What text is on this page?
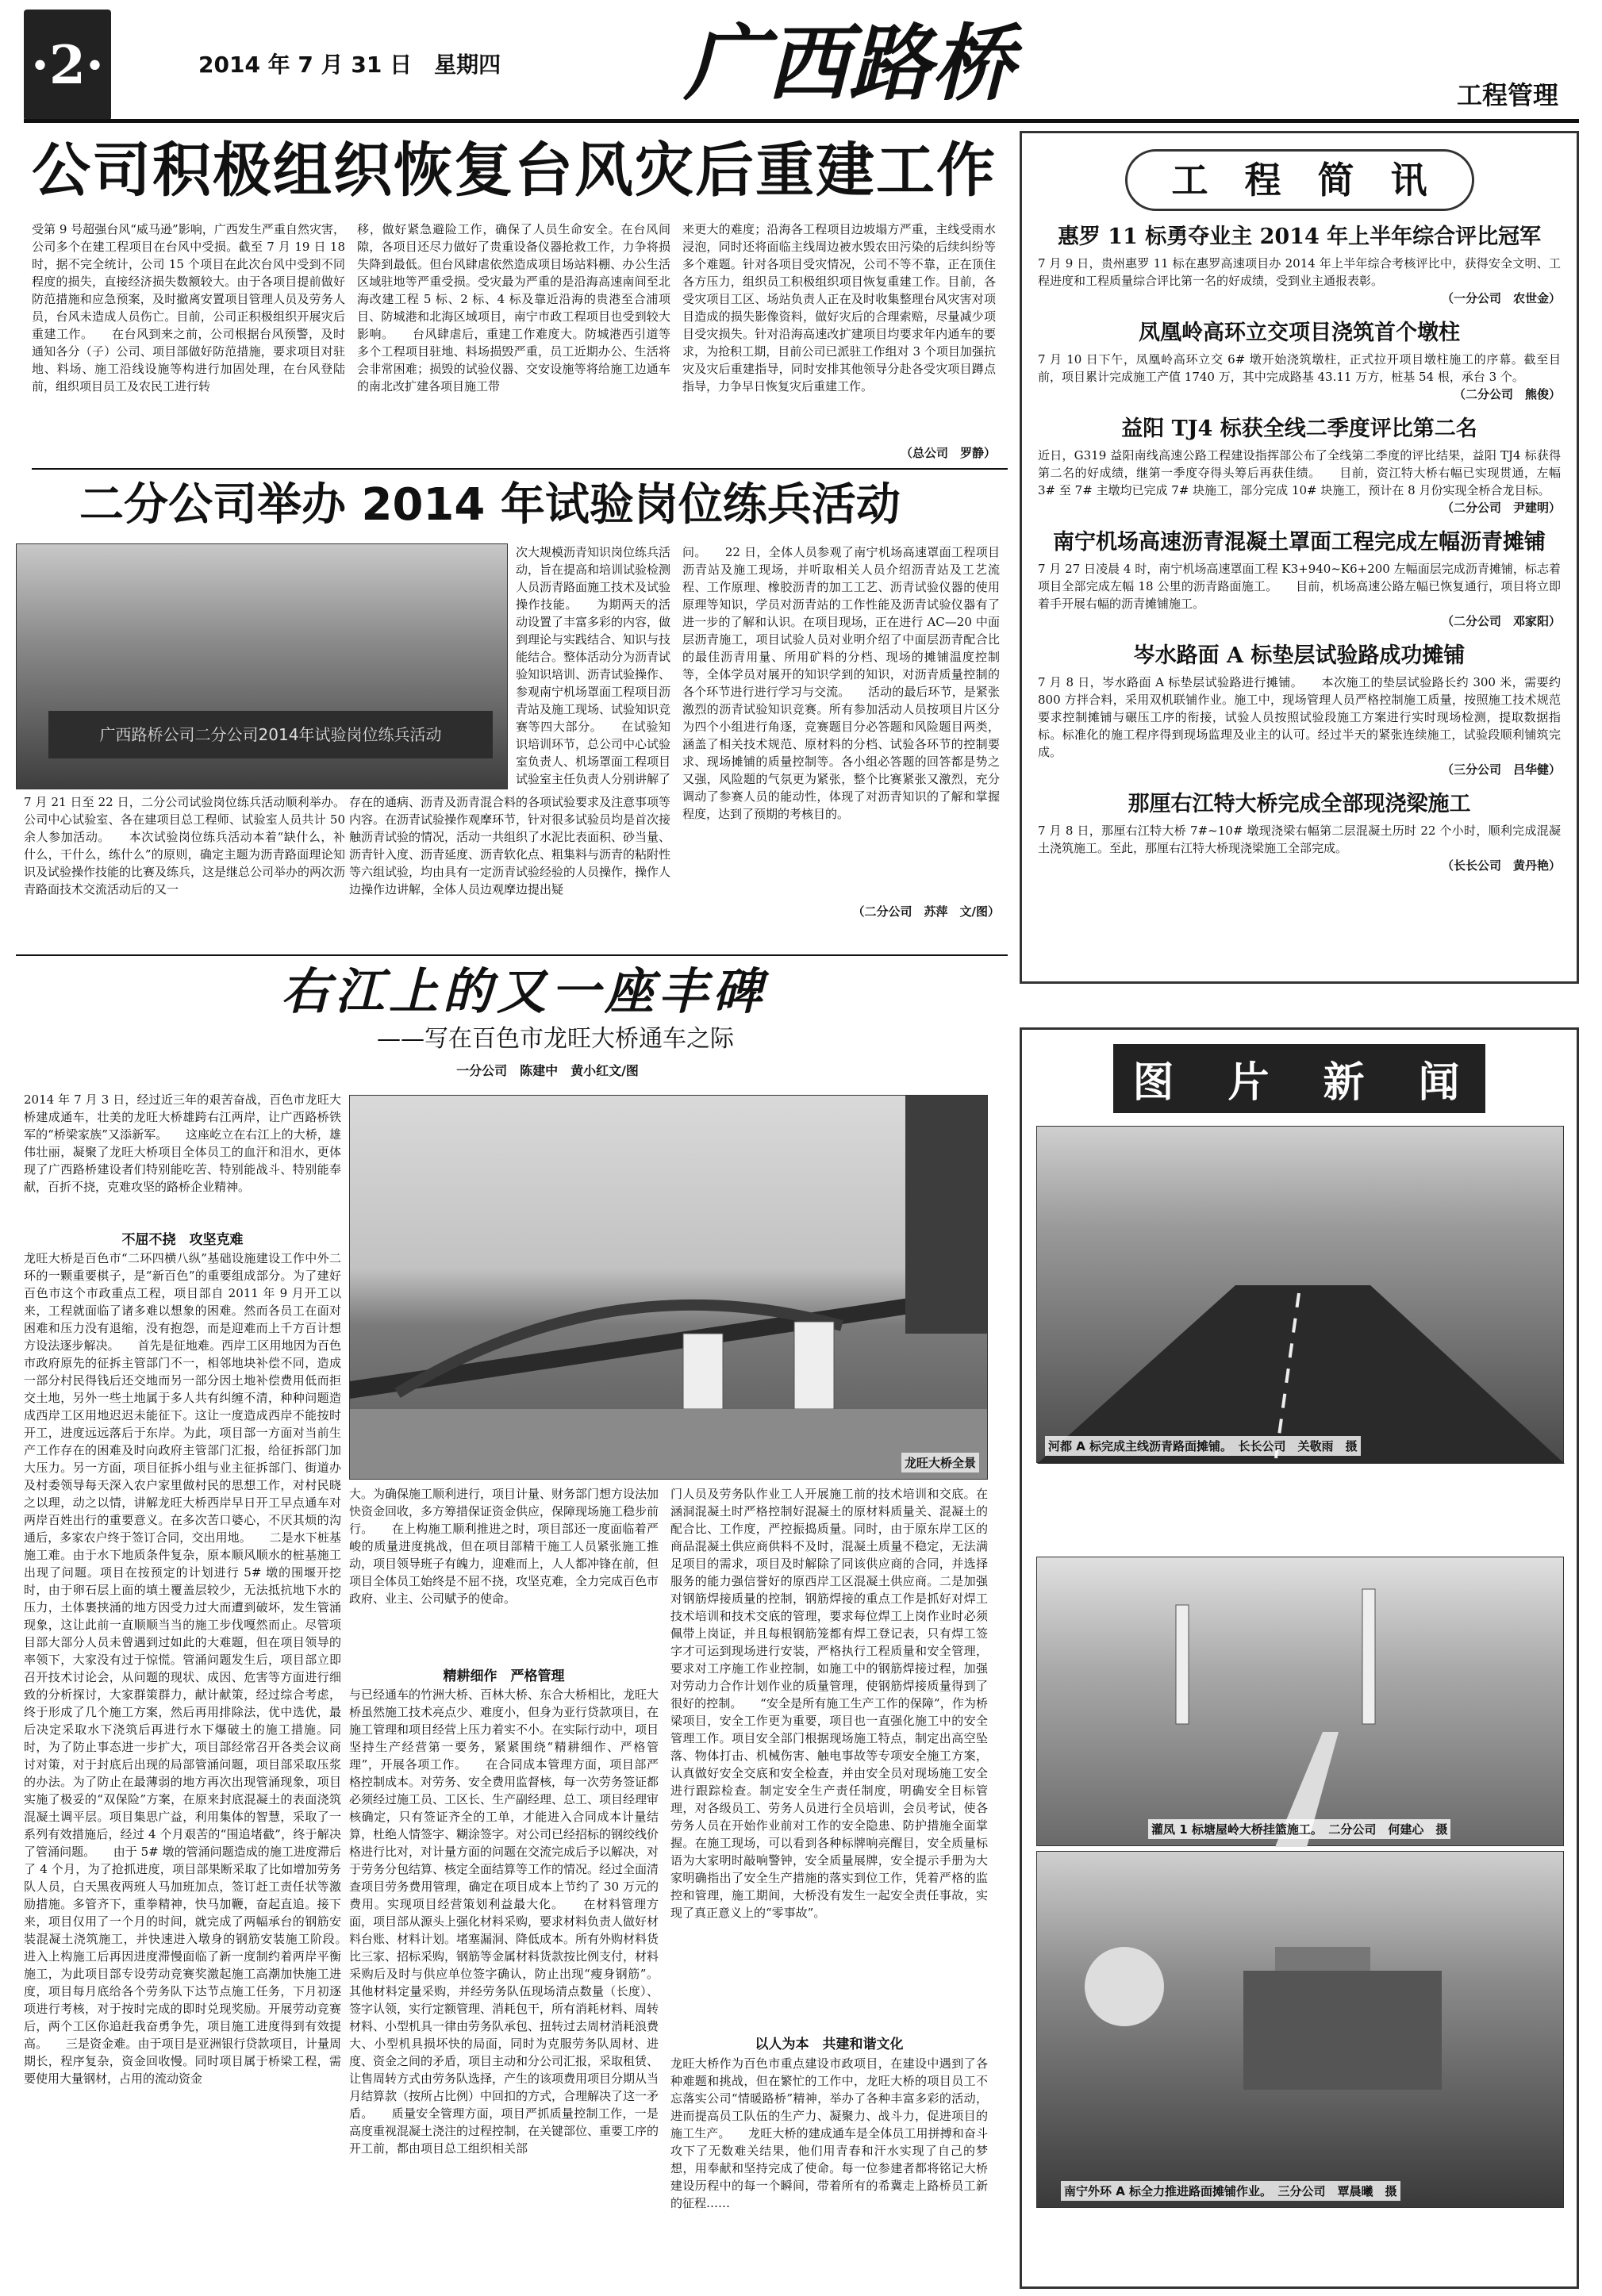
·2·	2014 年 7 月 31 日　星期四 广西路桥	工程管理
公司积极组织恢复台风灾后重建工作
受第 9 号超强台风“威马逊”影响，广西发生严重自然灾害，公司多个在建工程项目在台风中受损。截至 7 月 19 日 18 时，据不完全统计，公司 15 个项目在此次台风中受到不同程度的损失，直接经济损失数额较大。由于各项目提前做好防范措施和应急预案，及时撤离安置项目管理人员及劳务人员，台风未造成人员伤亡。目前，公司正积极组织开展灾后重建工作。　　在台风到来之前，公司根据台风预警，及时通知各分（子）公司、项目部做好防范措施，要求项目对驻地、料场、施工沿线设施等构进行加固处理，在台风登陆前，组织项目员工及农民工进行转
移，做好紧急避险工作，确保了人员生命安全。在台风间隙，各项目还尽力做好了贵重设备仪器抢救工作，力争将损失降到最低。但台风肆虐依然造成项目场站料棚、办公生活区域驻地等严重受损。受灾最为严重的是沿海高速南间至北海改建工程 5 标、2 标、4 标及靠近沿海的贵港至合浦项目、防城港和北海区域项目，南宁市政工程项目也受到较大影响。　　台风肆虐后，重建工作难度大。防城港西引道等多个工程项目驻地、料场损毁严重，员工近期办公、生活将会非常困难；损毁的试验仪器、交安设施等将给施工边通车的南北改扩建各项目施工带
来更大的难度；沿海各工程项目边坡塌方严重，主线受雨水浸泡，同时还将面临主线周边被水毁农田污染的后续纠纷等多个难题。针对各项目受灾情况，公司不等不靠，正在顶住各方压力，组织员工积极组织项目恢复重建工作。目前，各受灾项目工区、场站负责人正在及时收集整理台风灾害对项目造成的损失影像资料，做好灾后的合理索赔，尽量减少项目受灾损失。针对沿海高速改扩建项目均要求年内通车的要求，为抢积工期，目前公司已派驻工作组对 3 个项目加强抗灾及灾后重建指导，同时安排其他领导分赴各受灾项目蹲点指导，力争早日恢复灾后重建工作。
（总公司　罗静）
二分公司举办 2014 年试验岗位练兵活动
广西路桥公司二分公司2014年试验岗位练兵活动
7 月 21 日至 22 日，二分公司试验岗位练兵活动顺利举办。公司中心试验室、各在建项目总工程师、试验室人员共计 50 余人参加活动。　　本次试验岗位练兵活动本着“缺什么，补什么，干什么，练什么”的原则，确定主题为沥青路面理论知识及试验操作技能的比赛及练兵，这是继总公司举办的两次沥青路面技术交流活动后的又一
次大规模沥青知识岗位练兵活动，旨在提高和培训试验检测人员沥青路面施工技术及试验操作技能。　　为期两天的活动设置了丰富多彩的内容，做到理论与实践结合、知识与技能结合。整体活动分为沥青试验知识培训、沥青试验操作、参观南宁机场罩面工程项目沥青站及施工现场、试验知识竞赛等四大部分。　　在试验知识培训环节，总公司中心试验室负责人、机场罩面工程项目试验室主任负责人分别讲解了
存在的通病、沥青及沥青混合料的各项试验要求及注意事项等内容。在沥青试验操作观摩环节，针对很多试验员均是首次接触沥青试验的情况，活动一共组织了水泥比表面积、砂当量、沥青针入度、沥青延度、沥青软化点、粗集料与沥青的粘附性等六组试验，均由具有一定沥青试验经验的人员操作，操作人边操作边讲解，全体人员边观摩边提出疑
问。　　22 日，全体人员参观了南宁机场高速罩面工程项目沥青站及施工现场，并听取相关人员介绍沥青站及工艺流程、工作原理、橡胶沥青的加工工艺、沥青试验仪器的使用原理等知识，学员对沥青站的工作性能及沥青试验仪器有了进一步的了解和认识。在项目现场，正在进行 AC—20 中面层沥青施工，项目试验人员对业明介绍了中面层沥青配合比的最佳沥青用量、所用矿料的分档、现场的摊铺温度控制等，全体学员对展开的知识学到的知识，对沥青质量控制的各个环节进行进行学习与交流。　　活动的最后环节，是紧张激烈的沥青试验知识竞赛。所有参加活动人员按项目片区分为四个小组进行角逐，竞赛题目分必答题和风险题目两类，涵盖了相关技术规范、原材料的分档、试验各环节的控制要求、现场摊铺的质量控制等。各小组必答题的回答都是势之又强，风险题的气氛更为紧张，整个比赛紧张又激烈，充分调动了参赛人员的能动性，体现了对沥青知识的了解和掌握程度，达到了预期的考核目的。
（二分公司　苏萍　文/图）
右江上的又一座丰碑
——写在百色市龙旺大桥通车之际
一分公司　陈建中　黄小红文/图
2014 年 7 月 3 日，经过近三年的艰苦奋战，百色市龙旺大桥建成通车，壮美的龙旺大桥雄跨右江两岸，让广西路桥铁军的“桥梁家族”又添新军。　　这座屹立在右江上的大桥，雄伟壮丽，凝聚了龙旺大桥项目全体员工的血汗和泪水，更体现了广西路桥建设者们特别能吃苦、特别能战斗、特别能奉献，百折不挠，克难攻坚的路桥企业精神。
不屈不挠　攻坚克难
龙旺大桥是百色市“二环四横八纵”基础设施建设工作中外二环的一颗重要棋子，是“新百色”的重要组成部分。为了建好百色市这个市政重点工程，项目部自 2011 年 9 月开工以来，工程就面临了诸多难以想象的困难。然而各员工在面对困难和压力没有退缩，没有抱怨，而是迎难而上千方百计想方设法逐步解决。　　首先是征地难。西岸工区用地因为百色市政府原先的征拆主管部门不一，相邻地块补偿不同，造成一部分村民得钱后还交地而另一部分因土地补偿费用低而拒交土地，另外一些土地属于多人共有纠缠不清，种种问题造成西岸工区用地迟迟未能征下。这让一度造成西岸不能按时开工，进度远远落后于东岸。为此，项目部一方面对当前生产工作存在的困难及时向政府主管部门汇报，给征拆部门加大压力。另一方面，项目征拆小组与业主征拆部门、街道办及村委领导每天深入农户家里做村民的思想工作，对村民晓之以理，动之以情，讲解龙旺大桥西岸早日开工早点通车对两岸百姓出行的重要意义。在多次苦口婆心，不厌其烦的沟通后，多家农户终于签订合同，交出用地。　　二是水下桩基施工难。由于水下地质条件复杂，原本顺风顺水的桩基施工出现了问题。项目在按预定的计划进行 5# 墩的围堰开挖时，由于卵石层上面的填土覆盖层较少，无法抵抗地下水的压力，土体裹挟涌的地方因受力过大而遭到破坏，发生管涌现象，这让此前一直顺顺当当的施工步伐嘎然而止。尽管项目部大部分人员未曾遇到过如此的大难题，但在项目领导的率领下，大家没有过于惊慌。管涌问题发生后，项目部立即召开技术讨论会，从问题的现状、成因、危害等方面进行细致的分析探讨，大家群策群力，献计献策，经过综合考虑，终于形成了几个施工方案，然后再用排除法，优中选优，最后决定采取水下浇筑后再进行水下爆破土的施工措施。同时，为了防止事态进一步扩大，项目部经常召开各类会议商讨对策，对于封底后出现的局部管涌问题，项目部采取压浆的办法。为了防止在最薄弱的地方再次出现管涌现象，项目实施了极妥的“双保险”方案，在原来封底混凝土的表面浇筑混凝土调平层。项目集思广益，利用集体的智慧，采取了一系列有效措施后，经过 4 个月艰苦的“围追堵截”，终于解决了管涌问题。　　由于 5# 墩的管涌问题造成的施工进度滞后了 4 个月，为了抢抓进度，项目部果断采取了比如增加劳务队人员，白天黑夜两班人马加班加点，签订赶工责任状等激励措施。多管齐下，重拳精神，快马加鞭，奋起直追。接下来，项目仅用了一个月的时间，就完成了两幅承台的钢筋安装混凝土浇筑施工，并快速进入墩身的钢筋安装施工阶段。　　进入上构施工后再因进度滞慢面临了新一度制约着两岸平衡施工，为此项目部专设劳动竞赛奖激起施工高潮加快施工进度，项目每月底给各个劳务队下达节点施工任务，下月初逐项进行考核，对于按时完成的即时兑现奖励。开展劳动竞赛后，两个工区你追赶我奋勇争先，项目施工进度得到有效提高。　　三是资金难。由于项目是亚洲银行贷款项目，计量周期长，程序复杂，资金回收慢。同时项目属于桥梁工程，需要使用大量钢材，占用的流动资金
龙旺大桥全景
大。为确保施工顺利进行，项目计量、财务部门想方设法加快资金回收，多方筹措保证资金供应，保障现场施工稳步前行。　　在上构施工顺利推进之时，项目部还一度面临着严峻的质量进度挑战，但在项目部精干施工人员紧张施工推动，项目领导班子有魄力，迎难而上，人人都冲锋在前，但项目全体员工始终是不屈不挠，攻坚克难，全力完成百色市政府、业主、公司赋予的使命。
精耕细作　严格管理
与已经通车的竹洲大桥、百林大桥、东合大桥相比，龙旺大桥虽然施工技术亮点少、难度小，但身为亚行贷款项目，在施工管理和项目经营上压力着实不小。在实际行动中，项目坚持生产经营第一要务，紧紧围绕“精耕细作、严格管理”，开展各项工作。　　在合同成本管理方面，项目部严格控制成本。对劳务、安全费用监督核，每一次劳务签证都必须经过施工员、工区长、生产副经理、总工、项目经理审核确定，只有签证齐全的工单，才能进入合同成本计量结算，杜绝人情签字、糊涂签字。对公司已经招标的钢绞线价格进行比对，对计量方面的问题在交流完成后予以解决，对于劳务分包结算、核定全面结算等工作的情况。经过全面清查项目劳务费用管理，确定在项目成本上节约了 30 万元的费用。实现项目经营策划利益最大化。　　在材料管理方面，项目部从源头上强化材料采购，要求材料负责人做好材料台账、材料计划。堵塞漏洞、降低成本。所有外购材料货比三家、招标采购，钢筋等金属材料货款按比例支付，材料采购后及时与供应单位签字确认，防止出现“瘦身钢筋”。其他材料定量采购，并经劳务队伍现场清点数量（长度）、签字认领，实行定额管理、消耗包干，所有消耗材料、周转材料、小型机具一律由劳务队承包、扭转过去周材消耗浪费大、小型机具损坏快的局面，同时为克服劳务队周材、进度、资金之间的矛盾，项目主动和分公司汇报，采取租赁、让售周转方式由劳务队选择，产生的该项费用项目分期从当月结算款（按所占比例）中回扣的方式，合理解决了这一矛盾。　　质量安全管理方面，项目严抓质量控制工作，一是高度重视混凝土浇注的过程控制，在关键部位、重要工序的开工前，都由项目总工组织相关部
门人员及劳务队作业工人开展施工前的技术培训和交底。在涵洞混凝土时严格控制好混凝土的原材料质量关、混凝土的配合比、工作度，严控振捣质量。同时，由于原东岸工区的商品混凝土供应商供料不及时，混凝土质量不稳定，无法满足项目的需求，项目及时解除了同该供应商的合同，并选择服务的能力强信誉好的原西岸工区混凝土供应商。二是加强对钢筋焊接质量的控制，钢筋焊接的重点工作是抓好对焊工技术培训和技术交底的管理，要求每位焊工上岗作业时必须佩带上岗证，并且每根钢筋笼都有焊工登记表，只有焊工签字才可运到现场进行安装，严格执行工程质量和安全管理，要求对工序施工作业控制，如施工中的钢筋焊接过程，加强对劳动力合作计划作业的质量管理，使钢筋焊接质量得到了很好的控制。　　“安全是所有施工生产工作的保障”，作为桥梁项目，安全工作更为重要，项目也一直强化施工中的安全管理工作。项目安全部门根据现场施工特点，制定出高空坠落、物体打击、机械伤害、触电事故等专项安全施工方案，认真做好安全交底和安全检查，并由安全员对现场施工安全进行跟踪检查。制定安全生产责任制度，明确安全目标管理，对各级员工、劳务人员进行全员培训，会员考试，使各劳务人员在开始作业前对工作的安全隐患、防护措施全面掌握。在施工现场，可以看到各种标牌响亮醒目，安全质量标语为大家明时敲响警钟，安全质量展牌，安全提示手册为大家明确指出了安全生产措施的落实到位工作，凭着严格的监控和管理，施工期间，大桥没有发生一起安全责任事故，实现了真正意义上的“零事故”。
以人为本　共建和谐文化
龙旺大桥作为百色市重点建设市政项目，在建设中遇到了各种难题和挑战，但在繁忙的工作中，龙旺大桥的项目员工不忘落实公司“情暖路桥”精神，举办了各种丰富多彩的活动，进而提高员工队伍的生产力、凝聚力、战斗力，促进项目的施工生产。　　龙旺大桥的建成通车是全体员工用拼搏和奋斗攻下了无数难关结果，他们用青春和汗水实现了自己的梦想，用奉献和坚持完成了使命。每一位参建者都将铭记大桥建设历程中的每一个瞬间，带着所有的希冀走上路桥员工新的征程……
工　程　简　讯
惠罗 11 标勇夺业主 2014 年上半年综合评比冠军
7 月 9 日，贵州惠罗 11 标在惠罗高速项目办 2014 年上半年综合考核评比中，获得安全文明、工程进度和工程质量综合评比第一名的好成绩，受到业主通报表彰。
（一分公司　农世金）
凤凰岭高环立交项目浇筑首个墩柱
7 月 10 日下午，凤凰岭高环立交 6# 墩开始浇筑墩柱，正式拉开项目墩柱施工的序幕。截至目前，项目累计完成施工产值 1740 万，其中完成路基 43.11 万方，桩基 54 根，承台 3 个。
（二分公司　熊俊）
益阳 TJ4 标获全线二季度评比第二名
近日，G319 益阳南线高速公路工程建设指挥部公布了全线第二季度的评比结果，益阳 TJ4 标获得第二名的好成绩，继第一季度夺得头筹后再获佳绩。　　目前，资江特大桥右幅已实现贯通，左幅 3# 至 7# 主墩均已完成 7# 块施工，部分完成 10# 块施工，预计在 8 月份实现全桥合龙目标。
（二分公司　尹建明）
南宁机场高速沥青混凝土罩面工程完成左幅沥青摊铺
7 月 27 日凌晨 4 时，南宁机场高速罩面工程 K3+940~K6+200 左幅面层完成沥青摊铺，标志着项目全部完成左幅 18 公里的沥青路面施工。　　目前，机场高速公路左幅已恢复通行，项目将立即着手开展右幅的沥青摊铺施工。
（二分公司　邓家阳）
岑水路面 A 标垫层试验路成功摊铺
7 月 8 日，岑水路面 A 标垫层试验路进行摊铺。　　本次施工的垫层试验路长约 300 米，需要约 800 方拌合料，采用双机联铺作业。施工中，现场管理人员严格控制施工质量，按照施工技术规范要求控制摊铺与碾压工序的衔接，试验人员按照试验段施工方案进行实时现场检测，提取数据指标。标准化的施工程序得到现场监理及业主的认可。经过半天的紧张连续施工，试验段顺利铺筑完成。
（三分公司　吕华健）
那厘右江特大桥完成全部现浇梁施工
7 月 8 日，那厘右江特大桥 7#~10# 墩现浇梁右幅第二层混凝土历时 22 个小时，顺利完成混凝土浇筑施工。至此，那厘右江特大桥现浇梁施工全部完成。
（长长公司　黄丹艳）
图　片　新　闻
河都 A 标完成主线沥青路面摊铺。　长长公司　关敬雨　摄
灌凤 1 标塘屋岭大桥挂篮施工。　二分公司　何建心　摄
南宁外环 A 标全力推进路面摊铺作业。　三分公司　覃晨曦　摄
